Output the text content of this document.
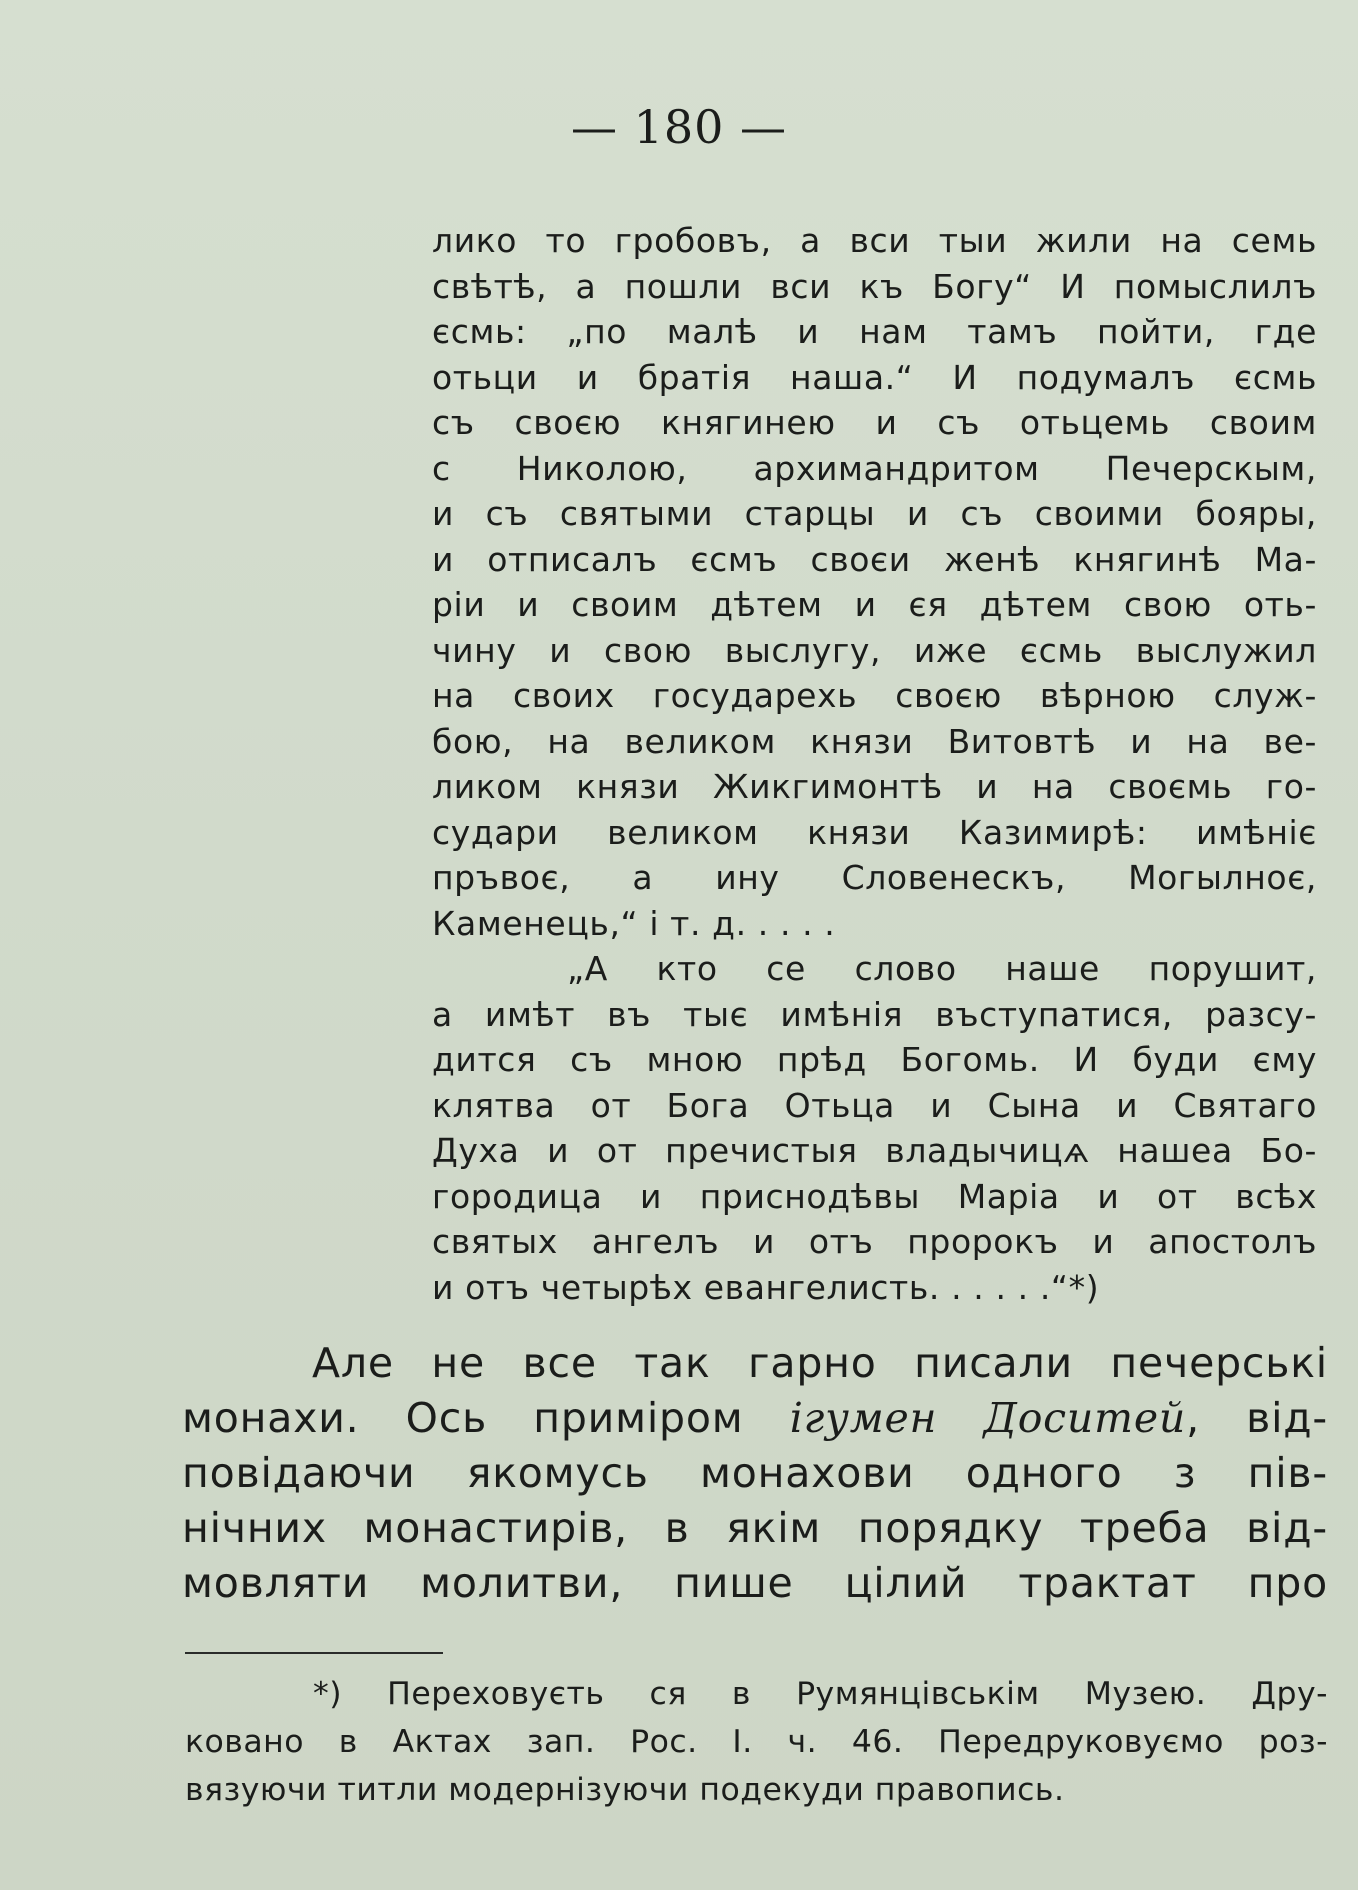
— 180 —
лико то гробовъ, а вси тыи жили на семь
свѣтѣ, а пошли вси къ Богу“ И помыслилъ
єсмь: „по малѣ и нам тамъ пойти, где
отьци и братія наша.“ И подумалъ єсмь
съ своєю княгинею и съ отьцемь своим
с Николою, архимандритом Печерскым,
и съ святыми старцы и съ своими бояры,
и отписалъ єсмъ своєи женѣ княгинѣ Ма-
ріи и своим дѣтем и єя дѣтем свою оть-
чину и свою выслугу, иже єсмь выслужил
на своих государехь своєю вѣрною служ-
бою, на великом князи Витовтѣ и на ве-
ликом князи Жикгимонтѣ и на своємь го-
судари великом князи Казимирѣ: имѣніє
пръвоє, а ину Словенескъ, Могылноє,
Каменець,“ і т. д. . . . .
„А кто се слово наше порушит,
а имѣт въ тыє имѣнія въступатися, разсу-
дится съ мною прѣд Богомь. И буди єму
клятва от Бога Отьца и Сына и Святаго
Духа и от пречистыя владычицѧ нашеа Бо-
городица и приснодѣвы Маріа и от всѣх
святых ангелъ и отъ пророкъ и апостолъ
и отъ четырѣх евангелисть. . . . . .“*)
Але не все так гарно писали печерські
монахи. Ось приміром ігумен Доситей, від-
повідаючи якомусь монахови одного з пів-
нічних монастирів, в якім порядку треба від-
мовляти молитви, пише цілий трактат про
*) Переховуєть ся в Румянцівськім Музею. Дру-
ковано в Актах зап. Рос. І. ч. 46. Передруковуємо роз-
вязуючи титли модернізуючи подекуди правопись.
